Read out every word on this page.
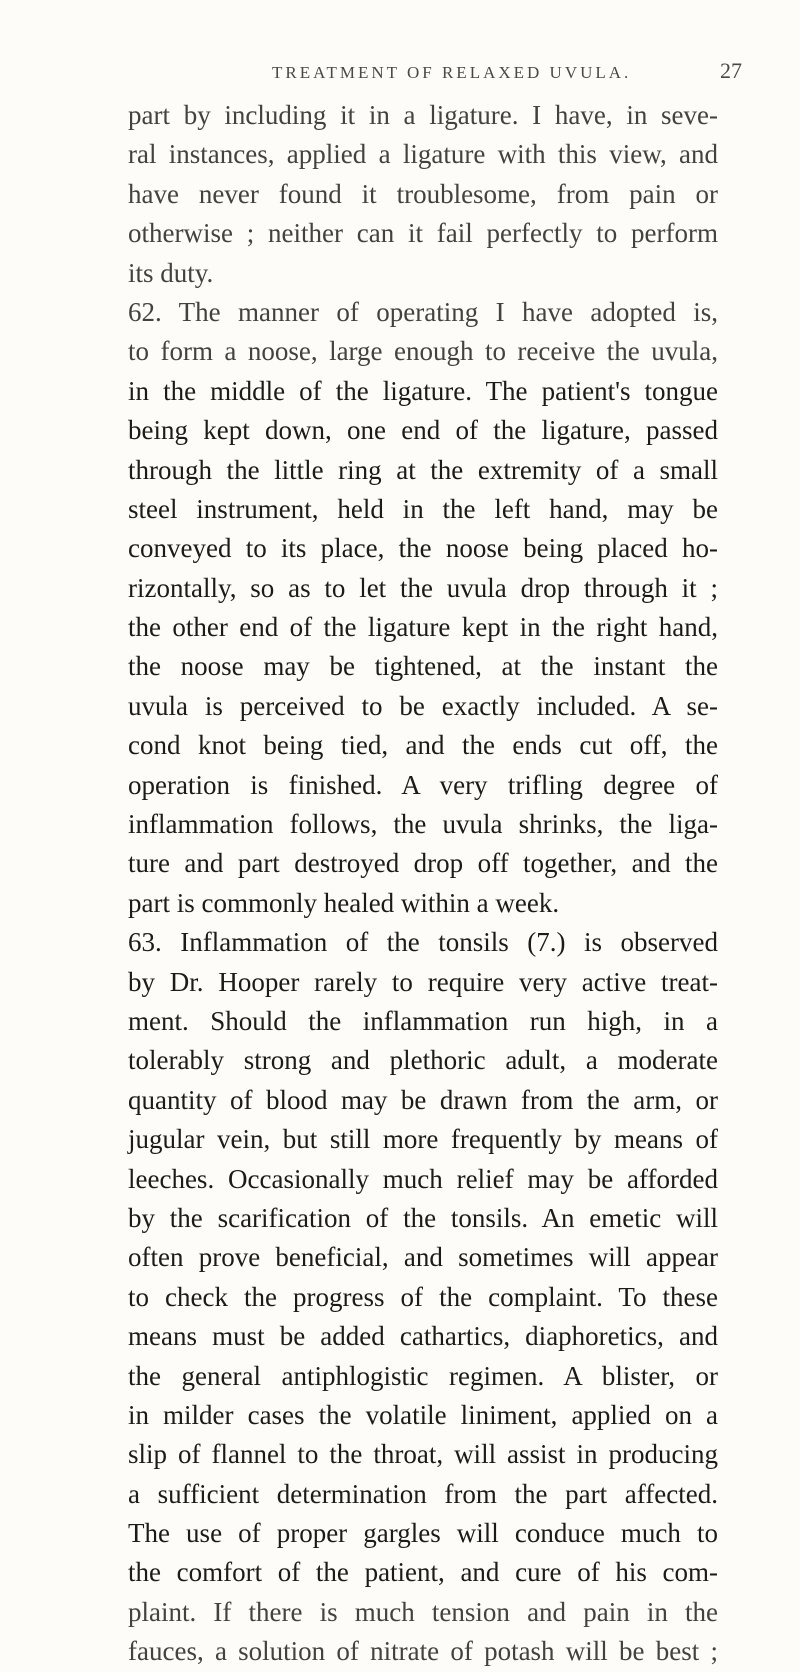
TREATMENT OF RELAXED UVULA.	27
part by including it in a ligature. I have, in seve-
ral instances, applied a ligature with this view, and
have never found it troublesome, from pain or
otherwise ; neither can it fail perfectly to perform
its duty.
62. The manner of operating I have adopted is,
to form a noose, large enough to receive the uvula,
in the middle of the ligature. The patient's tongue
being kept down, one end of the ligature, passed
through the little ring at the extremity of a small
steel instrument, held in the left hand, may be
conveyed to its place, the noose being placed ho-
rizontally, so as to let the uvula drop through it ;
the other end of the ligature kept in the right hand,
the noose may be tightened, at the instant the
uvula is perceived to be exactly included. A se-
cond knot being tied, and the ends cut off, the
operation is finished. A very trifling degree of
inflammation follows, the uvula shrinks, the liga-
ture and part destroyed drop off together, and the
part is commonly healed within a week.
63. Inflammation of the tonsils (7.) is observed
by Dr. Hooper rarely to require very active treat-
ment. Should the inflammation run high, in a
tolerably strong and plethoric adult, a moderate
quantity of blood may be drawn from the arm, or
jugular vein, but still more frequently by means of
leeches. Occasionally much relief may be afforded
by the scarification of the tonsils. An emetic will
often prove beneficial, and sometimes will appear
to check the progress of the complaint. To these
means must be added cathartics, diaphoretics, and
the general antiphlogistic regimen. A blister, or
in milder cases the volatile liniment, applied on a
slip of flannel to the throat, will assist in producing
a sufficient determination from the part affected.
The use of proper gargles will conduce much to
the comfort of the patient, and cure of his com-
plaint. If there is much tension and pain in the
fauces, a solution of nitrate of potash will be best ;
